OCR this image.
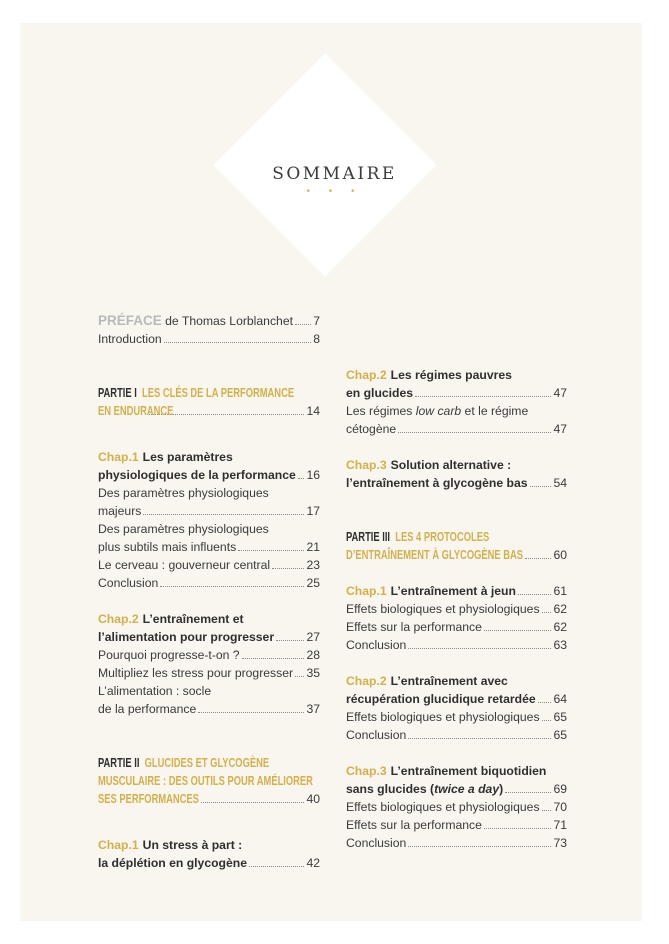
SOMMAIRE
• • •
PRÉFACE de Thomas Lorblanchet 7
Introduction	8
PARTIE I LES CLÉS DE LA PERFORMANCE
EN ENDURANCE	14
Chap.1 Les paramètres
physiologiques de la performance 16
Des paramètres physiologiques
majeurs	17
Des paramètres physiologiques
plus subtils mais influents	21
Le cerveau : gouverneur central	23
Conclusion	25
Chap.2 L’entraînement et
l’alimentation pour progresser	27
Pourquoi progresse-t-on ?	28
Multipliez les stress pour progresser 35
L’alimentation : socle
de la performance	37
PARTIE II GLUCIDES ET GLYCOGÈNE
MUSCULAIRE : DES OUTILS POUR AMÉLIORER
SES PERFORMANCES	40
Chap.1 Un stress à part :
la déplétion en glycogène	42
Chap.2 Les régimes pauvres
en glucides	47
Les régimes low carb et le régime
cétogène	47
Chap.3 Solution alternative :
l’entraînement à glycogène bas 54
PARTIE III LES 4 PROTOCOLES
D’ENTRAÎNEMENT À GLYCOGÈNE BAS 60
Chap.1 L’entraînement à jeun	61
Effets biologiques et physiologiques 62
Effets sur la performance	62
Conclusion	63
Chap.2 L’entraînement avec
récupération glucidique retardée 64
Effets biologiques et physiologiques 65
Conclusion	65
Chap.3 L’entraînement biquotidien
sans glucides (twice a day)	69
Effets biologiques et physiologiques 70
Effets sur la performance	71
Conclusion	73
